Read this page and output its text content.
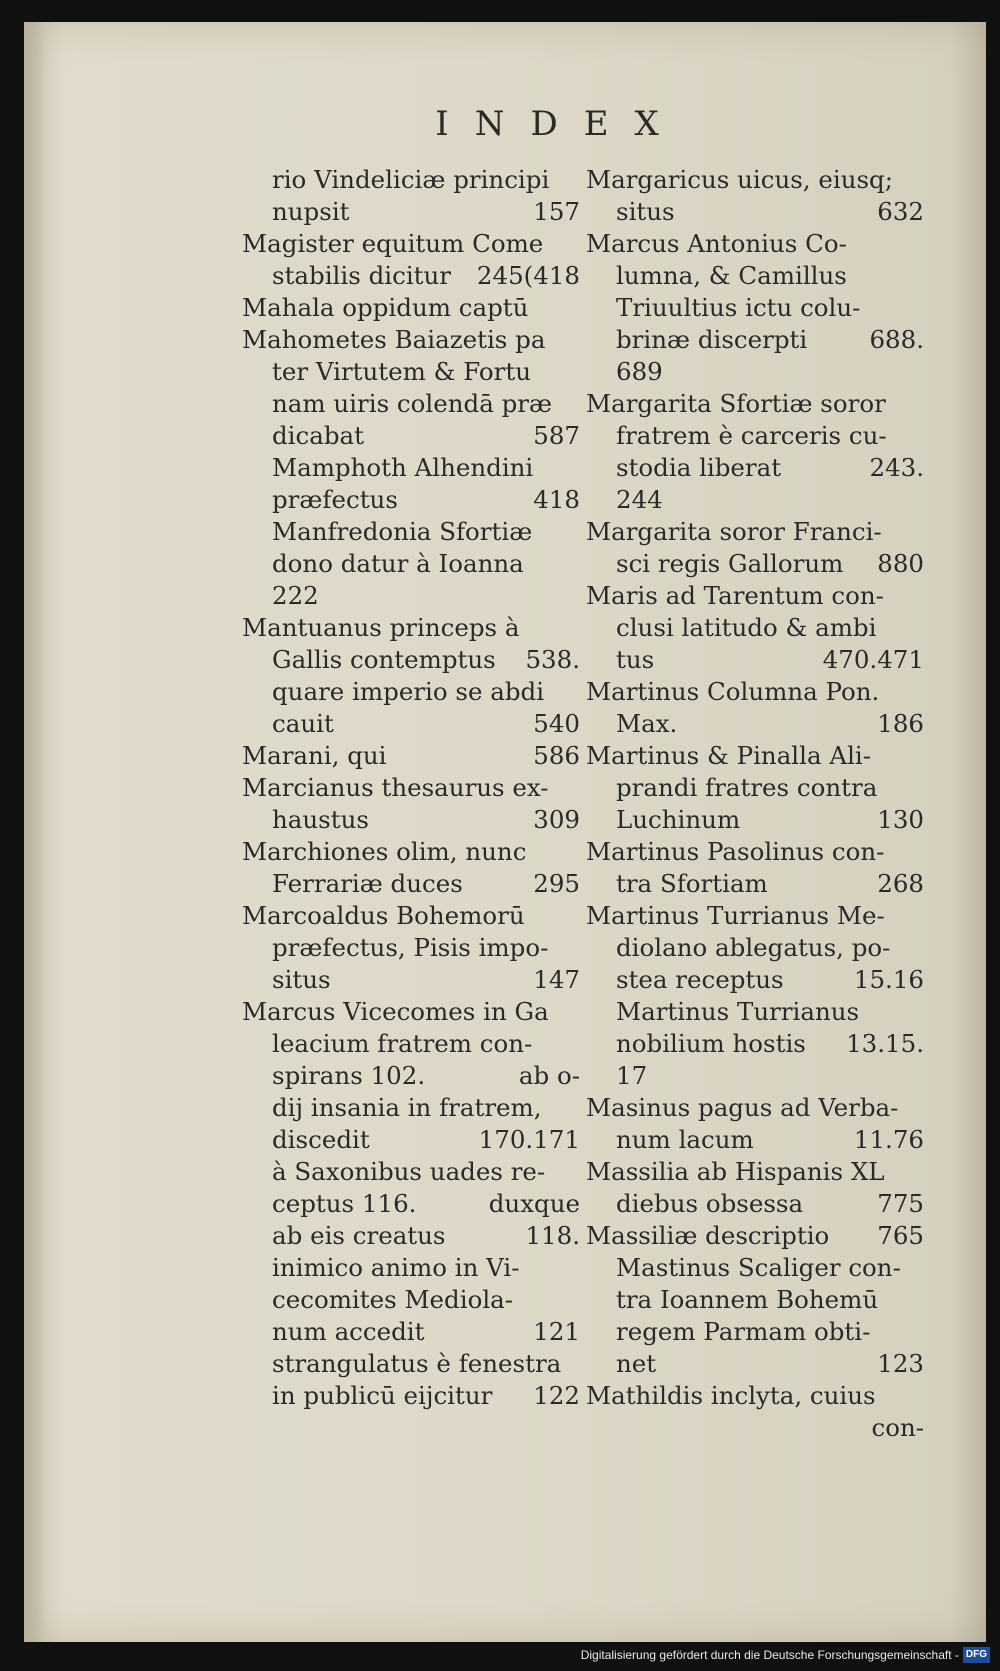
INDEX
rio Vindeliciæ principi
nupsit	157
Magister equitum Come
stabilis dicitur 245(418
Mahala oppidum captū
Mahometes Baiazetis pa
ter Virtutem & Fortu
nam uiris colendā præ
dicabat	587
Mamphoth Alhendini
præfectus	418
Manfredonia Sfortiæ
dono datur à Ioanna
222
Mantuanus princeps à
Gallis contemptus 538.
quare imperio se abdi
cauit	540
Marani, qui	586
Marcianus thesaurus ex-
haustus	309
Marchiones olim, nunc
Ferrariæ duces	295
Marcoaldus Bohemorū
præfectus, Pisis impo-
situs	147
Marcus Vicecomes in Ga
leacium fratrem con-
spirans 102.	ab o-
dij insania in fratrem,
discedit	170.171
à Saxonibus uades re-
ceptus 116.	duxque
ab eis creatus	118.
inimico animo in Vi-
cecomites Mediola-
num accedit	121
strangulatus è fenestra
in publicū eijcitur 122
Margaricus uicus, eiusq;
situs	632
Marcus Antonius Co-
lumna, & Camillus
Triuultius ictu colu-
brinæ discerpti	688.
689
Margarita Sfortiæ soror
fratrem è carceris cu-
stodia liberat	243.
244
Margarita soror Franci-
sci regis Gallorum 880
Maris ad Tarentum con-
clusi latitudo & ambi
tus	470.471
Martinus Columna Pon.
Max.	186
Martinus & Pinalla Ali-
prandi fratres contra
Luchinum	130
Martinus Pasolinus con-
tra Sfortiam	268
Martinus Turrianus Me-
diolano ablegatus, po-
stea receptus	15.16
Martinus Turrianus
nobilium hostis 13.15.
17
Masinus pagus ad Verba-
num lacum	11.76
Massilia ab Hispanis XL
diebus obsessa	775
Massiliæ descriptio 765
Mastinus Scaliger con-
tra Ioannem Bohemū
regem Parmam obti-
net	123
Mathildis inclyta, cuius
con-
Digitalisierung gefördert durch die Deutsche Forschungsgemeinschaft - DFG
